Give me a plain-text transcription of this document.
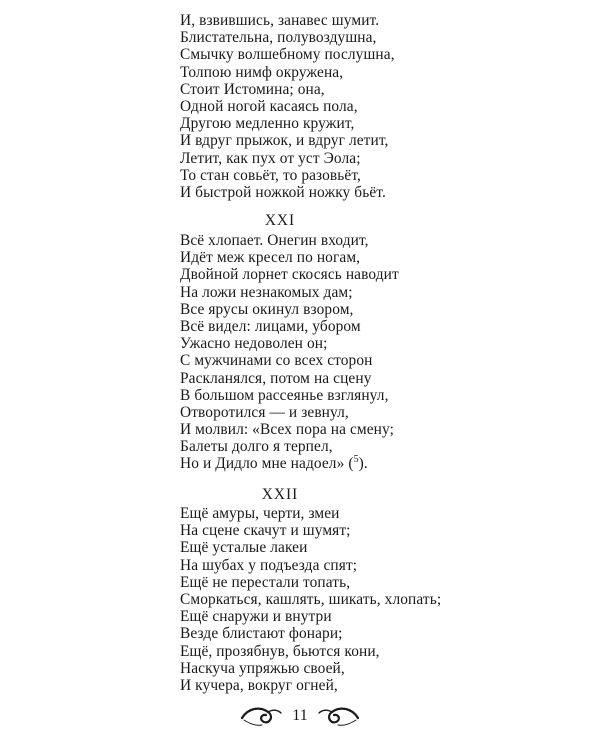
И, взвившись, занавес шумит.
Блистательна, полувоздушна,
Смычку волшебному послушна,
Толпою нимф окружена,
Стоит Истомина; она,
Одной ногой касаясь пола,
Другою медленно кружит,
И вдруг прыжок, и вдруг летит,
Летит, как пух от уст Эола;
То стан совьёт, то разовьёт,
И быстрой ножкой ножку бьёт.
XXI
Всё хлопает. Онегин входит,
Идёт меж кресел по ногам,
Двойной лорнет скосясь наводит
На ложи незнакомых дам;
Все ярусы окинул взором,
Всё видел: лицами, убором
Ужасно недоволен он;
С мужчинами со всех сторон
Раскланялся, потом на сцену
В большом рассеянье взглянул,
Отворотился — и зевнул,
И молвил: «Всех пора на смену;
Балеты долго я терпел,
Но и Дидло мне надоел» ($^5$).
XXII
Ещё амуры, черти, змеи
На сцене скачут и шумят;
Ещё усталые лакеи
На шубах у подъезда спят;
Ещё не перестали топать,
Сморкаться, кашлять, шикать, хлопать;
Ещё снаружи и внутри
Везде блистают фонари;
Ещё, прозябнув, бьются кони,
Наскуча упряжью своей,
И кучера, вокруг огней,
11
